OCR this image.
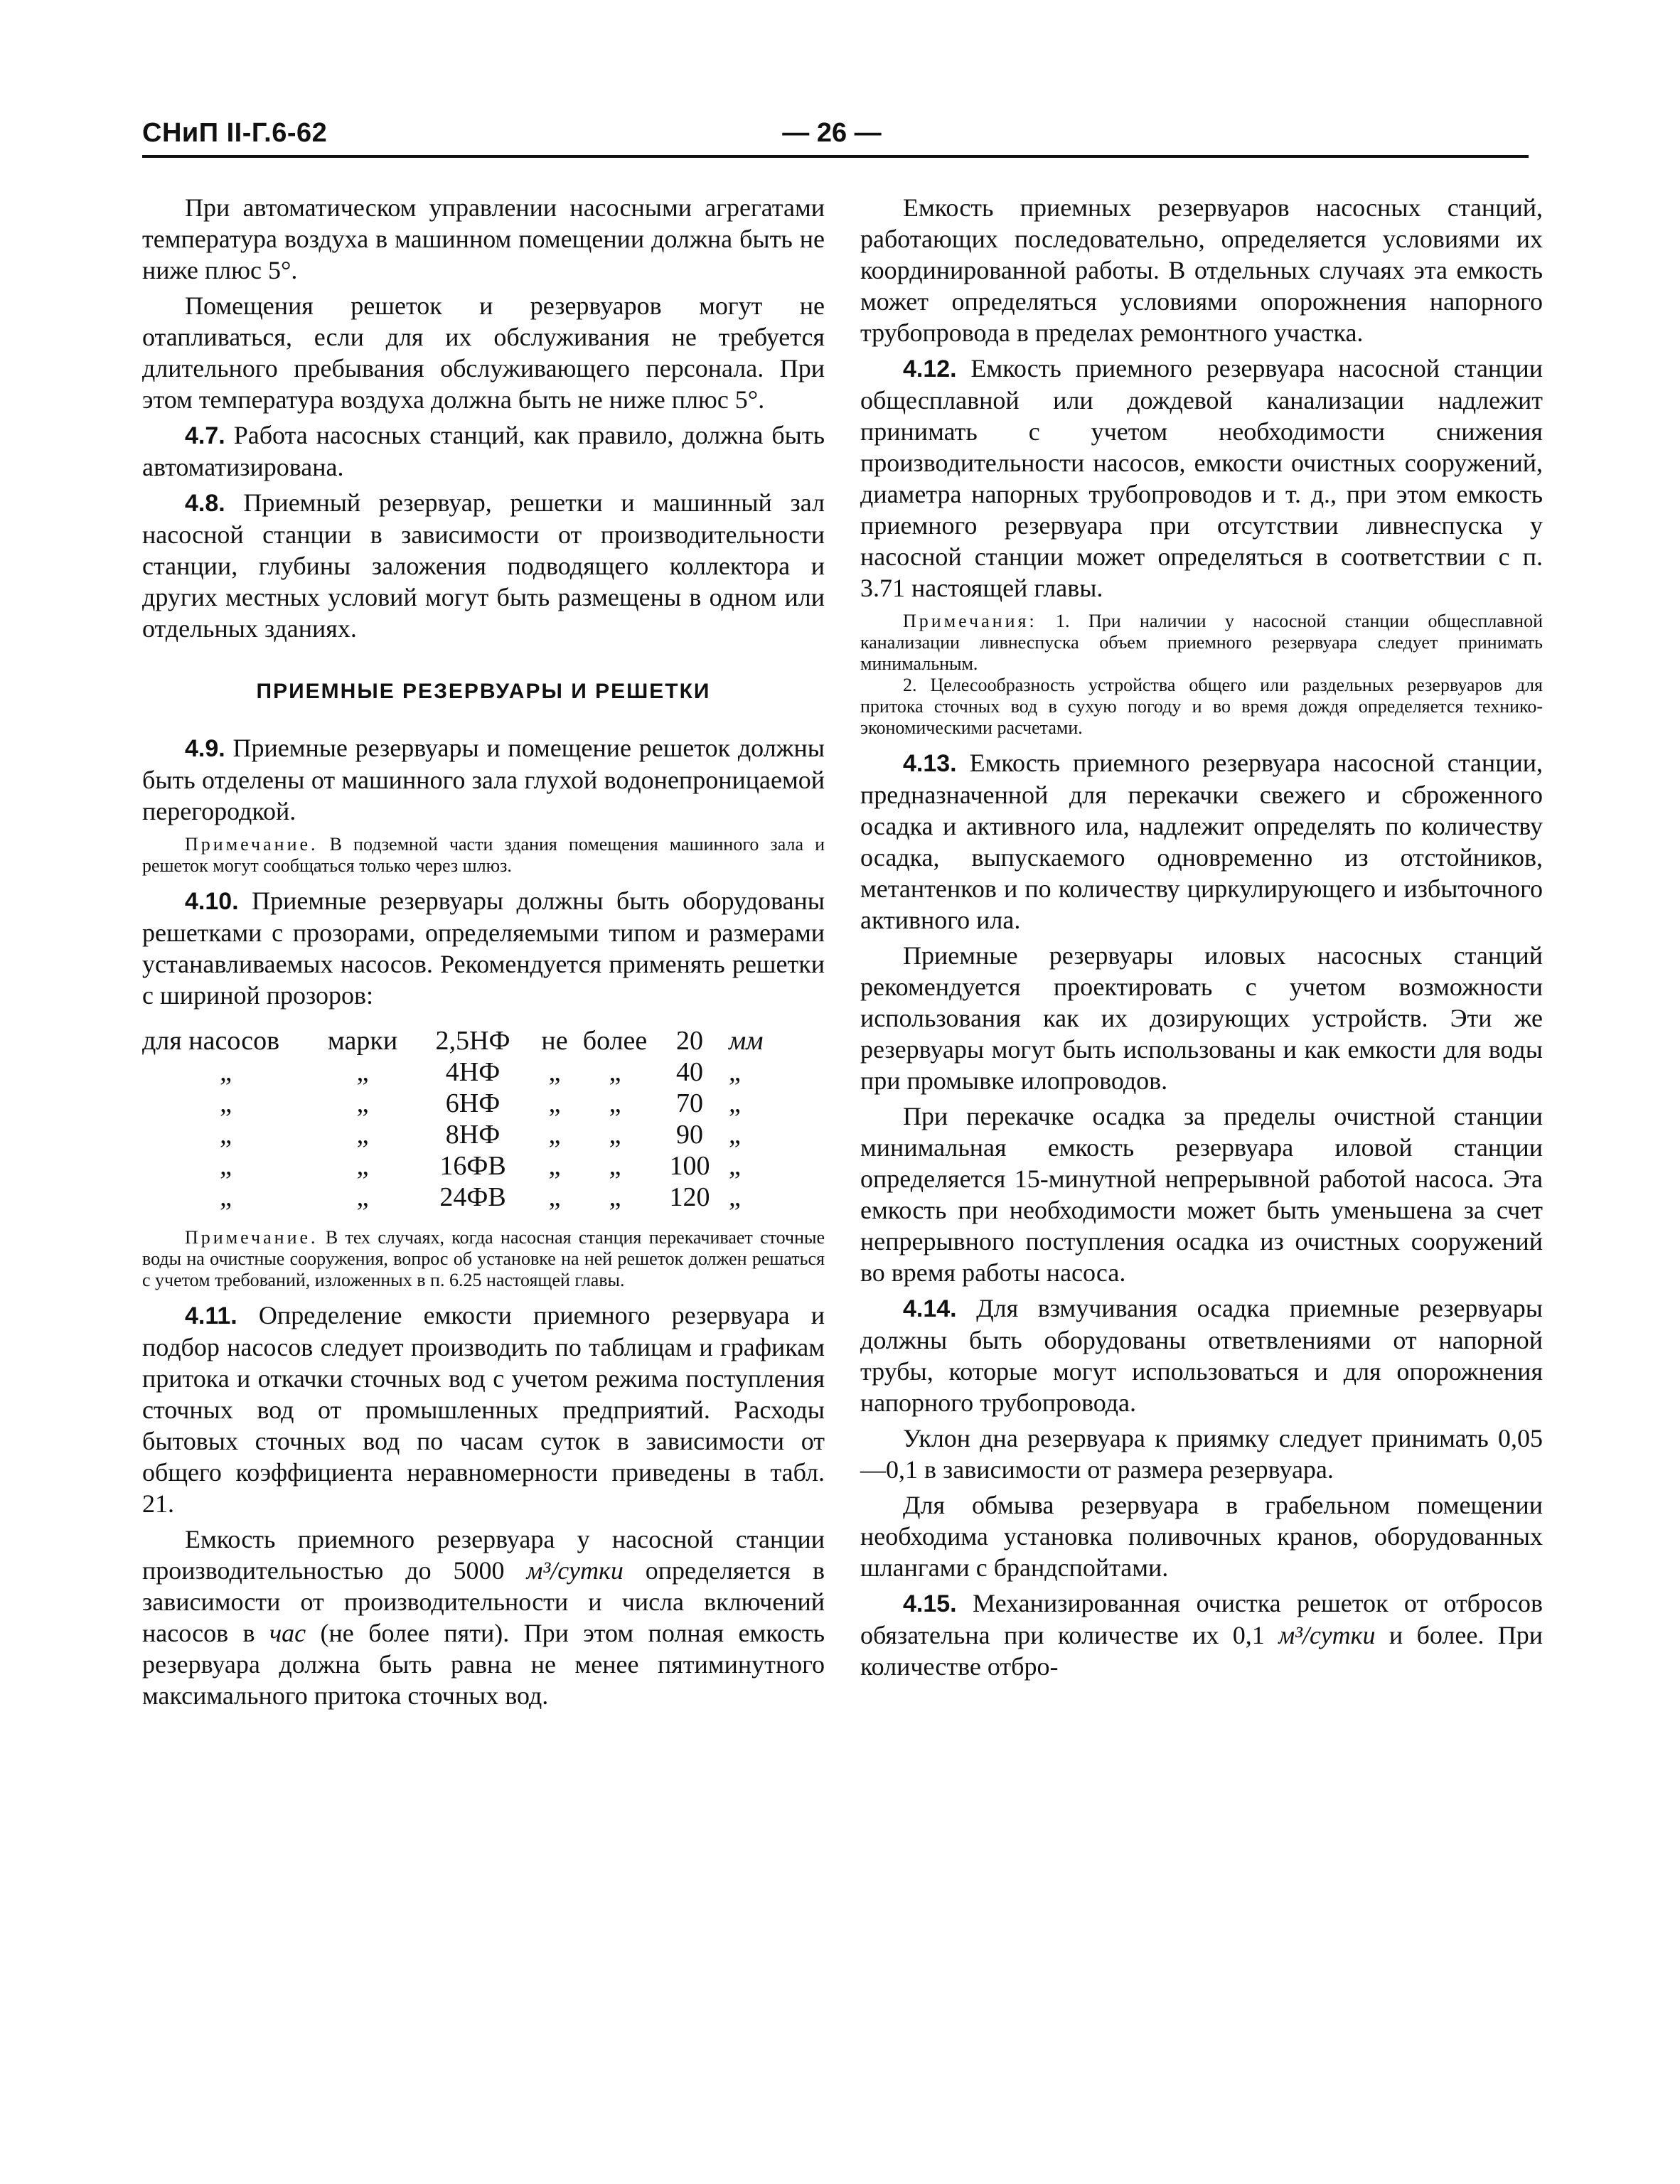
СНиП II-Г.6-62	— 26 —

При автоматическом управлении насосными агрегатами температура воздуха в машинном помещении должна быть не ниже плюс 5°.

Помещения решеток и резервуаров могут не отапливаться, если для их обслуживания не требуется длительного пребывания обслуживающего персонала. При этом температура воздуха должна быть не ниже плюс 5°.

4.7. Работа насосных станций, как правило, должна быть автоматизирована.

4.8. Приемный резервуар, решетки и машинный зал насосной станции в зависимости от производительности станции, глубины заложения подводящего коллектора и других местных условий могут быть размещены в одном или отдельных зданиях.

ПРИЕМНЫЕ РЕЗЕРВУАРЫ И РЕШЕТКИ

4.9. Приемные резервуары и помещение решеток должны быть отделены от машинного зала глухой водонепроницаемой перегородкой.

Примечание. В подземной части здания помещения машинного зала и решеток могут сообщаться только через шлюз.

4.10. Приемные резервуары должны быть оборудованы решетками с прозорами, определяемыми типом и размерами устанавливаемых насосов. Рекомендуется применять решетки с шириной прозоров:

для насосов	марки	2,5НФ	не	более	20	мм
„	„	4НФ	„	„	40	„
„	„	6НФ	„	„	70	„
„	„	8НФ	„	„	90	„
„	„	16ФВ	„	„	100	„
„	„	24ФВ	„	„	120	„

Примечание. В тех случаях, когда насосная станция перекачивает сточные воды на очистные сооружения, вопрос об установке на ней решеток должен решаться с учетом требований, изложенных в п. 6.25 настоящей главы.

4.11. Определение емкости приемного резервуара и подбор насосов следует производить по таблицам и графикам притока и откачки сточных вод с учетом режима поступления сточных вод от промышленных предприятий. Расходы бытовых сточных вод по часам суток в зависимости от общего коэффициента неравномерности приведены в табл. 21.

Емкость приемного резервуара у насосной станции производительностью до 5000 м³/сутки определяется в зависимости от производительности и числа включений насосов в час (не более пяти). При этом полная емкость резервуара должна быть равна не менее пятиминутного максимального притока сточных вод.

Емкость приемных резервуаров насосных станций, работающих последовательно, определяется условиями их координированной работы. В отдельных случаях эта емкость может определяться условиями опорожнения напорного трубопровода в пределах ремонтного участка.

4.12. Емкость приемного резервуара насосной станции общесплавной или дождевой канализации надлежит принимать с учетом необходимости снижения производительности насосов, емкости очистных сооружений, диаметра напорных трубопроводов и т. д., при этом емкость приемного резервуара при отсутствии ливнеспуска у насосной станции может определяться в соответствии с п. 3.71 настоящей главы.

Примечания: 1. При наличии у насосной станции общесплавной канализации ливнеспуска объем приемного резервуара следует принимать минимальным.

2. Целесообразность устройства общего или раздельных резервуаров для притока сточных вод в сухую погоду и во время дождя определяется технико-экономическими расчетами.

4.13. Емкость приемного резервуара насосной станции, предназначенной для перекачки свежего и сброженного осадка и активного ила, надлежит определять по количеству осадка, выпускаемого одновременно из отстойников, метантенков и по количеству циркулирующего и избыточного активного ила.

Приемные резервуары иловых насосных станций рекомендуется проектировать с учетом возможности использования как их дозирующих устройств. Эти же резервуары могут быть использованы и как емкости для воды при промывке илопроводов.

При перекачке осадка за пределы очистной станции минимальная емкость резервуара иловой станции определяется 15-минутной непрерывной работой насоса. Эта емкость при необходимости может быть уменьшена за счет непрерывного поступления осадка из очистных сооружений во время работы насоса.

4.14. Для взмучивания осадка приемные резервуары должны быть оборудованы ответвлениями от напорной трубы, которые могут использоваться и для опорожнения напорного трубопровода.

Уклон дна резервуара к приямку следует принимать 0,05—0,1 в зависимости от размера резервуара.

Для обмыва резервуара в грабельном помещении необходима установка поливочных кранов, оборудованных шлангами с брандспойтами.

4.15. Механизированная очистка решеток от отбросов обязательна при количестве их 0,1 м³/сутки и более. При количестве отбро-
